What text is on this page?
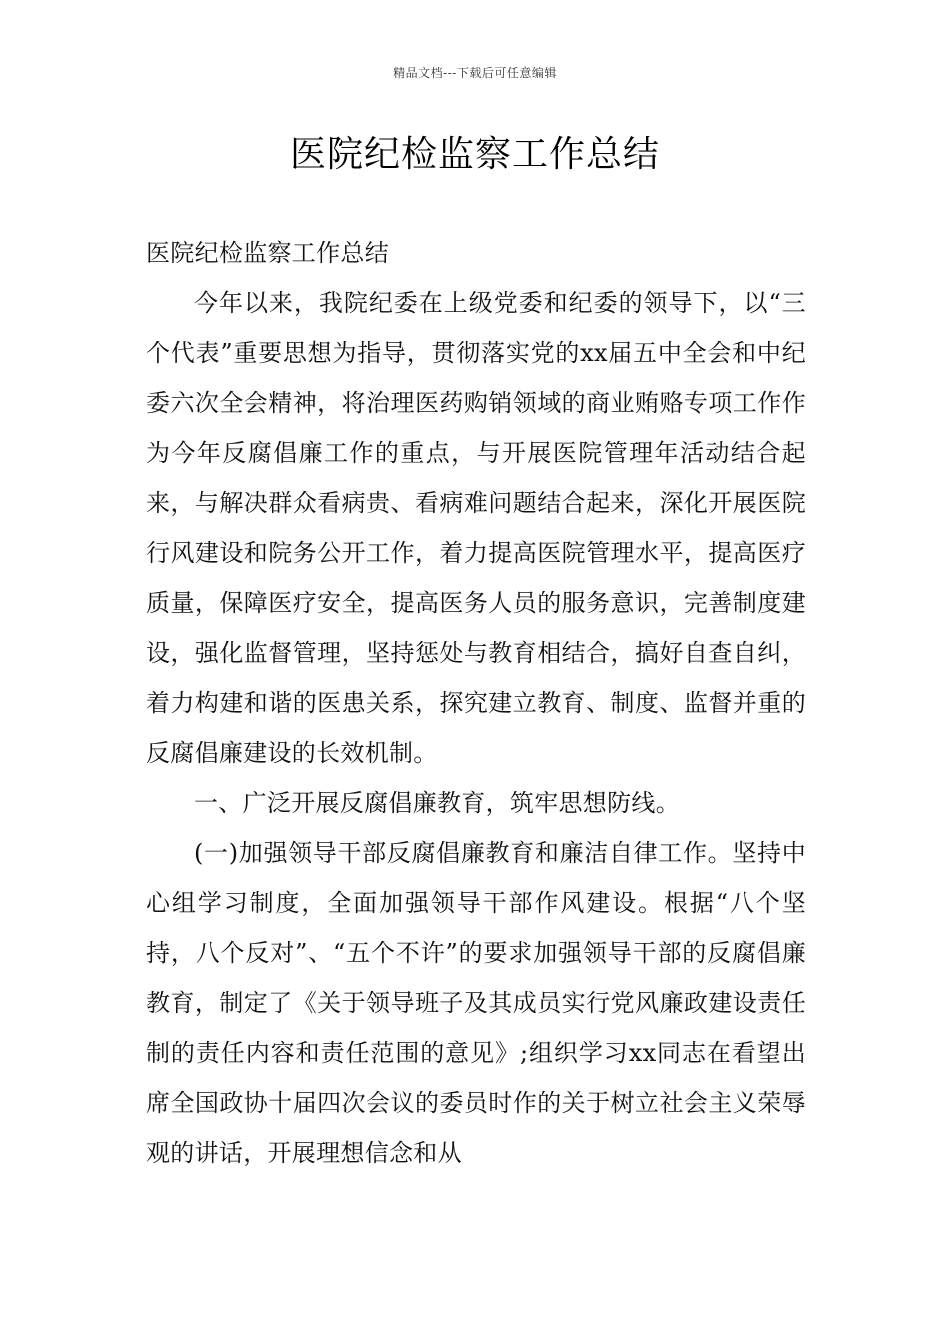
精品文档---下载后可任意编辑
医院纪检监察工作总结

医院纪检监察工作总结

今年以来，我院纪委在上级党委和纪委的领导下，以“三个代表”重要思想为指导，贯彻落实党的xx届五中全会和中纪委六次全会精神，将治理医药购销领域的商业贿赂专项工作作为今年反腐倡廉工作的重点，与开展医院管理年活动结合起来，与解决群众看病贵、看病难问题结合起来，深化开展医院行风建设和院务公开工作，着力提高医院管理水平，提高医疗质量，保障医疗安全，提高医务人员的服务意识，完善制度建设，强化监督管理，坚持惩处与教育相结合，搞好自查自纠，着力构建和谐的医患关系，探究建立教育、制度、监督并重的反腐倡廉建设的长效机制。

一、广泛开展反腐倡廉教育，筑牢思想防线。

(一)加强领导干部反腐倡廉教育和廉洁自律工作。坚持中心组学习制度，全面加强领导干部作风建设。根据“八个坚持，八个反对”、“五个不许”的要求加强领导干部的反腐倡廉教育，制定了《关于领导班子及其成员实行党风廉政建设责任制的责任内容和责任范围的意见》;组织学习xx同志在看望出席全国政协十届四次会议的委员时作的关于树立社会主义荣辱观的讲话，开展理想信念和从
